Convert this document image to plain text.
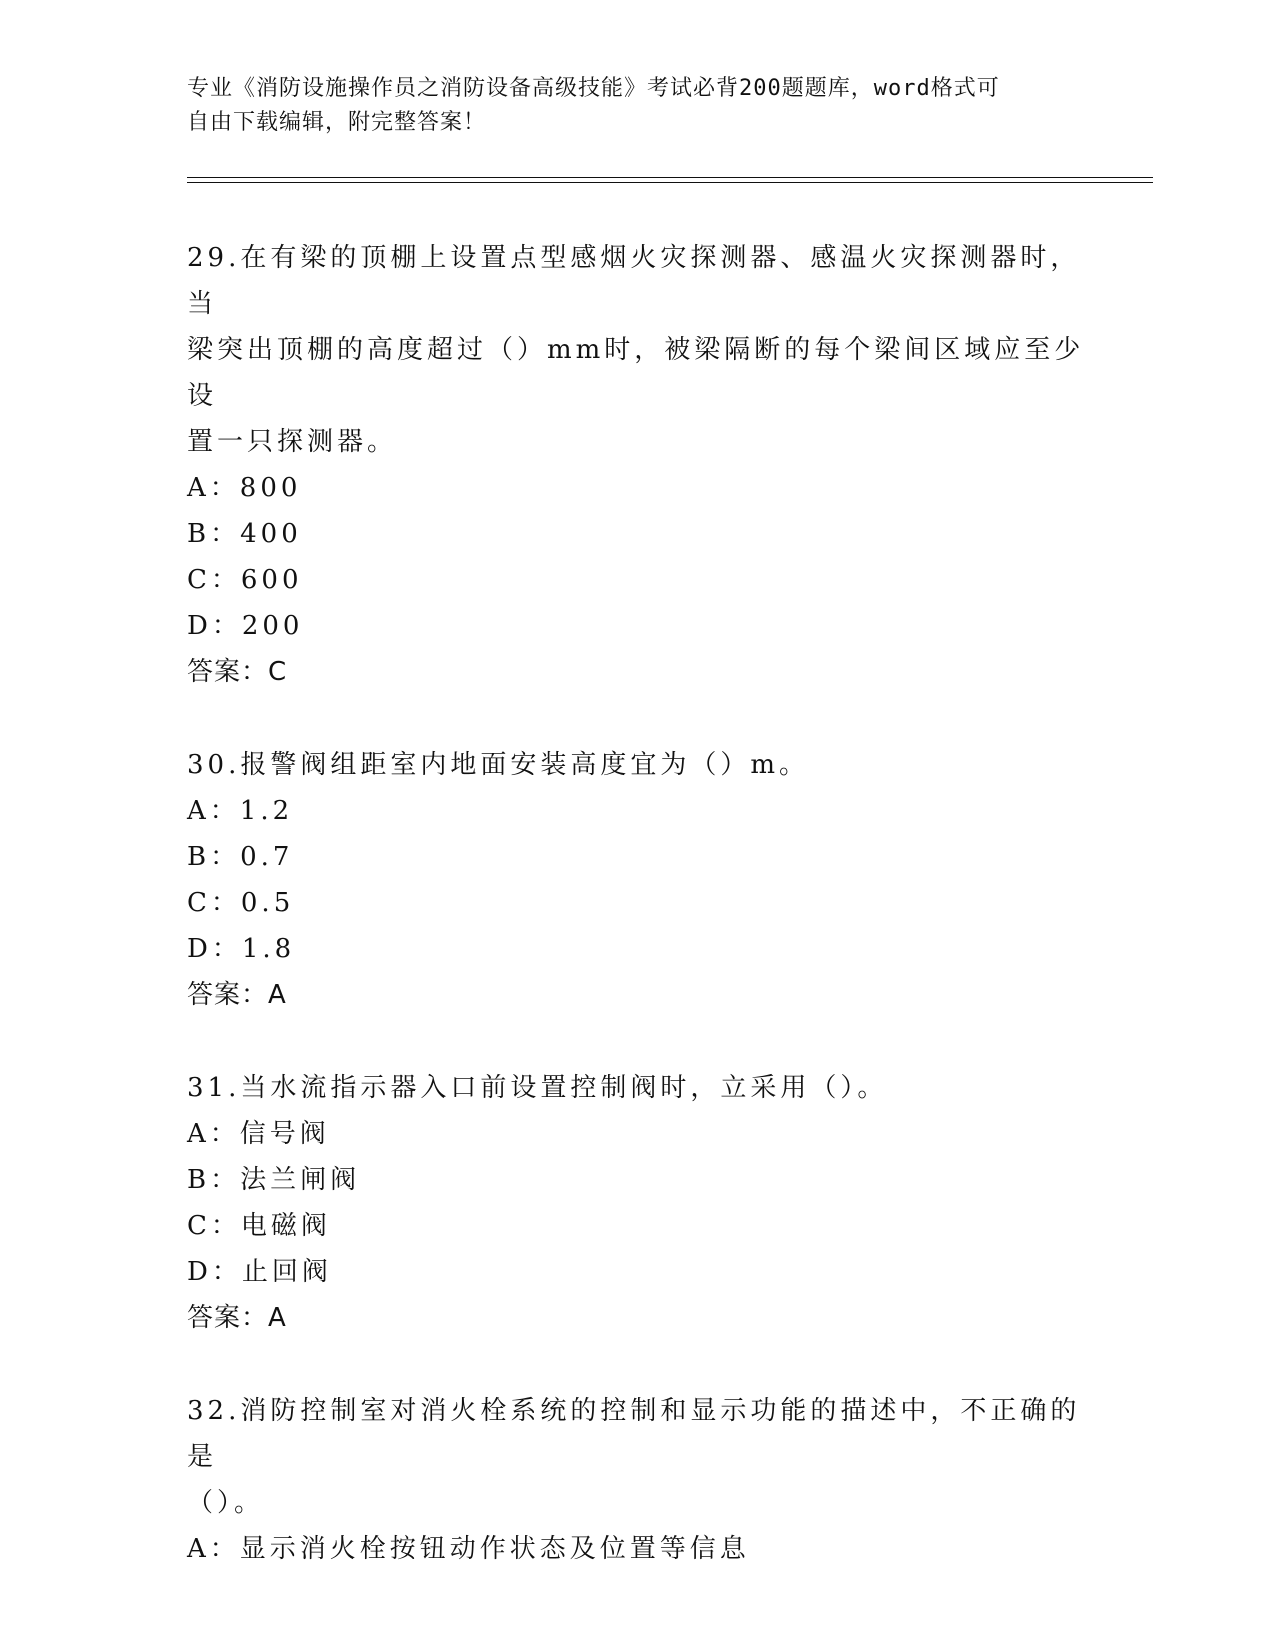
专业《消防设施操作员之消防设备高级技能》考试必背200题题库，word格式可
自由下载编辑，附完整答案！
29.在有梁的顶棚上设置点型感烟火灾探测器、感温火灾探测器时，当
梁突出顶棚的高度超过（）mm时，被梁隔断的每个梁间区域应至少设
置一只探测器。
A：800
B：400
C：600
D：200
答案：C
30.报警阀组距室内地面安装高度宜为（）m。
A：1.2
B：0.7
C：0.5
D：1.8
答案：A
31.当水流指示器入口前设置控制阀时，立采用（）。
A：信号阀
B：法兰闸阀
C：电磁阀
D：止回阀
答案：A
32.消防控制室对消火栓系统的控制和显示功能的描述中，不正确的是
（）。
A：显示消火栓按钮动作状态及位置等信息
